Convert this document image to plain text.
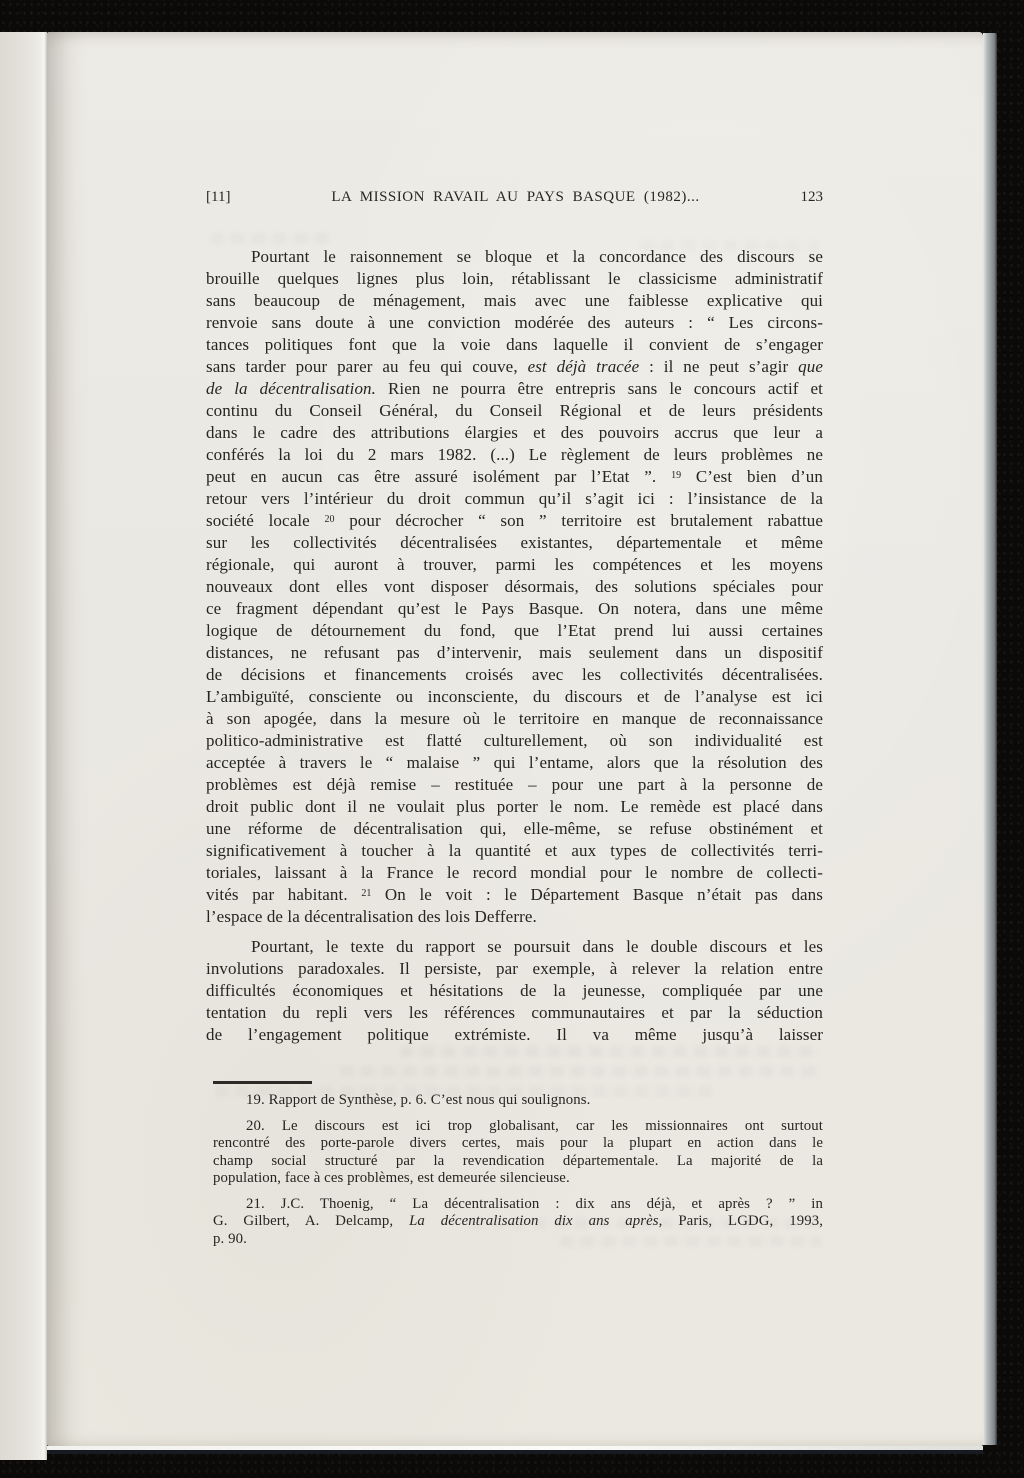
[11]	LA MISSION RAVAIL AU PAYS BASQUE (1982)...	123
Pourtant le raisonnement se bloque et la concordance des discours se
brouille quelques lignes plus loin, rétablissant le classicisme administratif
sans beaucoup de ménagement, mais avec une faiblesse explicative qui
renvoie sans doute à une conviction modérée des auteurs : “ Les circons-
tances politiques font que la voie dans laquelle il convient de s’engager
sans tarder pour parer au feu qui couve, est déjà tracée : il ne peut s’agir que
de la décentralisation. Rien ne pourra être entrepris sans le concours actif et
continu du Conseil Général, du Conseil Régional et de leurs présidents
dans le cadre des attributions élargies et des pouvoirs accrus que leur a
conférés la loi du 2 mars 1982. (...) Le règlement de leurs problèmes ne
peut en aucun cas être assuré isolément par l’Etat ”. $^{19}$ C’est bien d’un
retour vers l’intérieur du droit commun qu’il s’agit ici : l’insistance de la
société locale $^{20}$ pour décrocher “ son ” territoire est brutalement rabattue
sur les collectivités décentralisées existantes, départementale et même
régionale, qui auront à trouver, parmi les compétences et les moyens
nouveaux dont elles vont disposer désormais, des solutions spéciales pour
ce fragment dépendant qu’est le Pays Basque. On notera, dans une même
logique de détournement du fond, que l’Etat prend lui aussi certaines
distances, ne refusant pas d’intervenir, mais seulement dans un dispositif
de décisions et financements croisés avec les collectivités décentralisées.
L’ambiguïté, consciente ou inconsciente, du discours et de l’analyse est ici
à son apogée, dans la mesure où le territoire en manque de reconnaissance
politico-administrative est flatté culturellement, où son individualité est
acceptée à travers le “ malaise ” qui l’entame, alors que la résolution des
problèmes est déjà remise – restituée – pour une part à la personne de
droit public dont il ne voulait plus porter le nom. Le remède est placé dans
une réforme de décentralisation qui, elle-même, se refuse obstinément et
significativement à toucher à la quantité et aux types de collectivités terri-
toriales, laissant à la France le record mondial pour le nombre de collecti-
vités par habitant. $^{21}$ On le voit : le Département Basque n’était pas dans
l’espace de la décentralisation des lois Defferre.
Pourtant, le texte du rapport se poursuit dans le double discours et les
involutions paradoxales. Il persiste, par exemple, à relever la relation entre
difficultés économiques et hésitations de la jeunesse, compliquée par une
tentation du repli vers les références communautaires et par la séduction
de l’engagement politique extrémiste. Il va même jusqu’à laisser
19. Rapport de Synthèse, p. 6. C’est nous qui soulignons.
20. Le discours est ici trop globalisant, car les missionnaires ont surtout
rencontré des porte-parole divers certes, mais pour la plupart en action dans le
champ social structuré par la revendication départementale. La majorité de la
population, face à ces problèmes, est demeurée silencieuse.
21. J.C. Thoenig, “ La décentralisation : dix ans déjà, et après ? ” in
G. Gilbert, A. Delcamp, La décentralisation dix ans après, Paris, LGDG, 1993,
p. 90.
